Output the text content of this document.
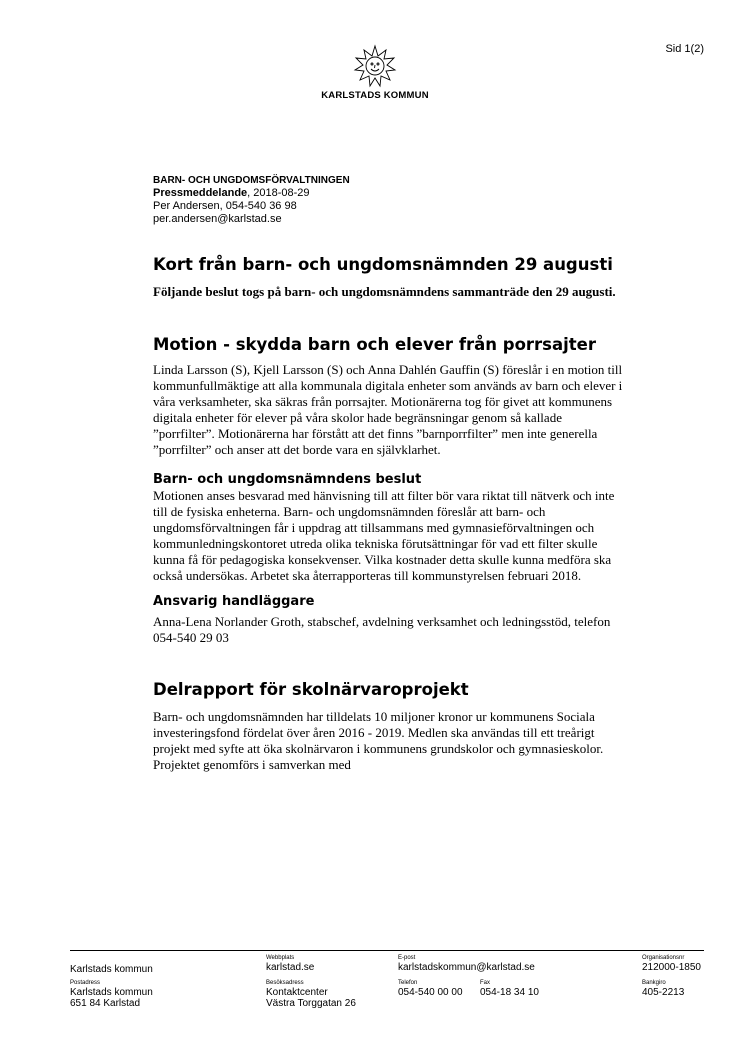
Sid 1(2)
KARLSTADS KOMMUN
BARN- OCH UNGDOMSFÖRVALTNINGEN
Pressmeddelande, 2018-08-29
Per Andersen, 054-540 36 98
per.andersen@karlstad.se
Kort från barn- och ungdomsnämnden 29 augusti

Följande beslut togs på barn- och ungdomsnämndens sammanträde den 29 augusti.

Motion - skydda barn och elever från porrsajter

Linda Larsson (S), Kjell Larsson (S) och Anna Dahlén Gauffin (S) föreslår i en motion till kommunfullmäktige att alla kommunala digitala enheter som används av barn och elever i våra verksamheter, ska säkras från porrsajter. Motionärerna tog för givet att kommunens digitala enheter för elever på våra skolor hade begränsningar genom så kallade ”porrfilter”. Motionärerna har förstått att det finns ”barnporrfilter” men inte generella ”porrfilter” och anser att det borde vara en självklarhet.

Barn- och ungdomsnämndens beslut

Motionen anses besvarad med hänvisning till att filter bör vara riktat till nätverk och inte till de fysiska enheterna. Barn- och ungdomsnämnden föreslår att barn- och ungdomsförvaltningen får i uppdrag att tillsammans med gymnasieförvaltningen och kommunledningskontoret utreda olika tekniska förutsättningar för vad ett filter skulle kunna få för pedagogiska konsekvenser. Vilka kostnader detta skulle kunna medföra ska också undersökas. Arbetet ska återrapporteras till kommunstyrelsen februari 2018.

Ansvarig handläggare

Anna-Lena Norlander Groth, stabschef, avdelning verksamhet och ledningsstöd, telefon 054-540 29 03

Delrapport för skolnärvaroprojekt

Barn- och ungdomsnämnden har tilldelats 10 miljoner kronor ur kommunens Sociala investeringsfond fördelat över åren 2016 - 2019. Medlen ska användas till ett treårigt projekt med syfte att öka skolnärvaron i kommunens grundskolor och gymnasieskolor. Projektet genomförs i samverkan med

Karlstads kommun
Webbplats
karlstad.se
E-post
karlstadskommun@karlstad.se
Organisationsnr
212000-1850
Postadress
Karlstads kommun
651 84 Karlstad
Besöksadress
Kontaktcenter
Västra Torggatan 26
Telefon
054-540 00 00
Fax
054-18 34 10
Bankgiro
405-2213
